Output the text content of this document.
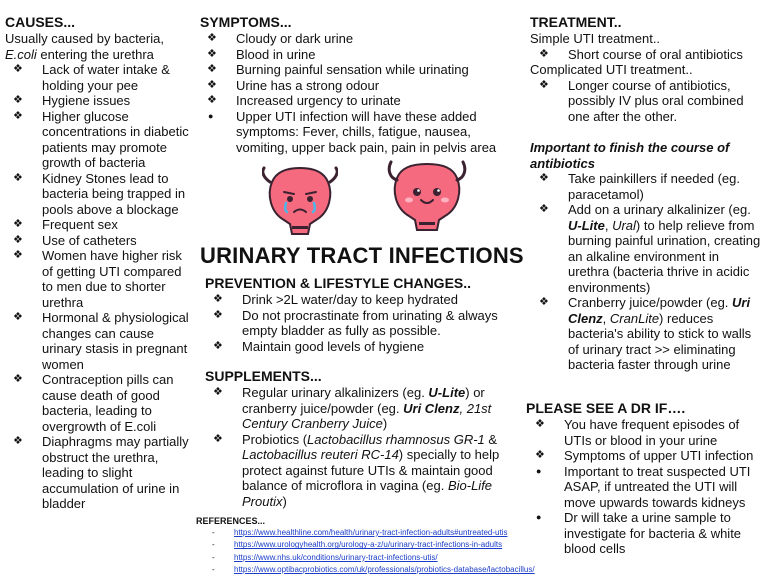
CAUSES...
Usually caused by bacteria,
E.coli entering the urethra
❖ Lack of water intake & holding your pee
❖ Hygiene issues
❖ Higher glucose concentrations in diabetic patients may promote growth of bacteria
❖ Kidney Stones lead to bacteria being trapped in pools above a blockage
❖ Frequent sex
❖ Use of catheters
❖ Women have higher risk of getting UTI compared to men due to shorter urethra
❖ Hormonal & physiological changes can cause urinary stasis in pregnant women
❖ Contraception pills can cause death of good bacteria, leading to overgrowth of E.coli
❖ Diaphragms may partially obstruct the urethra, leading to slight accumulation of urine in bladder
SYMPTOMS...
❖ Cloudy or dark urine
❖ Blood in urine
❖ Burning painful sensation while urinating
❖ Urine has a strong odour
❖ Increased urgency to urinate
● Upper UTI infection will have these added symptoms: Fever, chills, fatigue, nausea, vomiting, upper back pain, pain in pelvis area
URINARY TRACT INFECTIONS
PREVENTION & LIFESTYLE CHANGES..
❖ Drink >2L water/day to keep hydrated
❖ Do not procrastinate from urinating & always empty bladder as fully as possible.
❖ Maintain good levels of hygiene
SUPPLEMENTS...
❖ Regular urinary alkalinizers (eg. U-Lite) or cranberry juice/powder (eg. Uri Clenz, 21st Century Cranberry Juice)
❖ Probiotics (Lactobacillus rhamnosus GR-1 & Lactobacillus reuteri RC-14) specially to help protect against future UTIs & maintain good balance of microflora in vagina (eg. Bio-Life Proutix)
REFERENCES...
- https://www.healthline.com/health/urinary-tract-infection-adults#untreated-utis
- https://www.urologyhealth.org/urology-a-z/u/urinary-tract-infections-in-adults
- https://www.nhs.uk/conditions/urinary-tract-infections-utis/
- https://www.optibacprobiotics.com/uk/professionals/probiotics-database/lactobacillus/
TREATMENT..
Simple UTI treatment..
❖ Short course of oral antibiotics
Complicated UTI treatment..
❖ Longer course of antibiotics, possibly IV plus oral combined one after the other.
Important to finish the course of antibiotics
❖ Take painkillers if needed (eg. paracetamol)
❖ Add on a urinary alkalinizer (eg. U-Lite, Ural) to help relieve from burning painful urination, creating an alkaline environment in urethra (bacteria thrive in acidic environments)
❖ Cranberry juice/powder (eg. Uri Clenz, CranLite) reduces bacteria's ability to stick to walls of urinary tract >> eliminating bacteria faster through urine
PLEASE SEE A DR IF….
❖ You have frequent episodes of UTIs or blood in your urine
❖ Symptoms of upper UTI infection
● Important to treat suspected UTI ASAP, if untreated the UTI will move upwards towards kidneys
● Dr will take a urine sample to investigate for bacteria & white blood cells
